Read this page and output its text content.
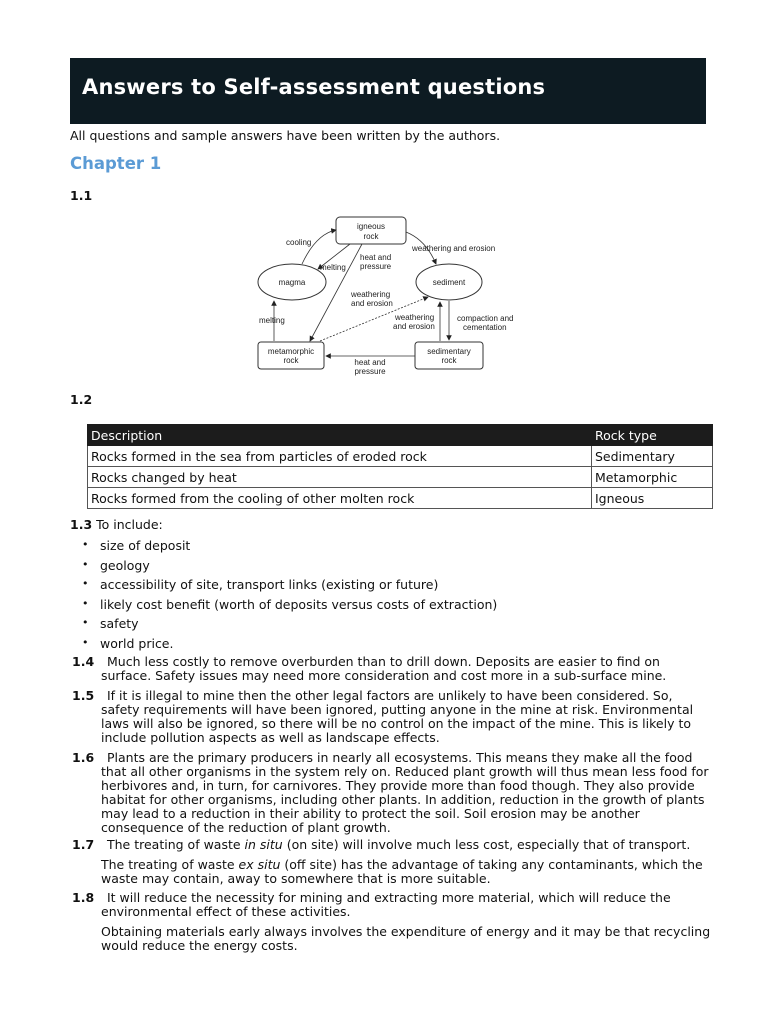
Answers to Self-assessment questions
All questions and sample answers have been written by the authors.
Chapter 1
1.1
igneous
rock
magma	sediment
metamorphic
rock
sedimentary
rock
cooling
weathering and erosion
melting
heat and
pressure
weathering
and erosion
melting	weathering
and erosion
compaction and
cementation
heat and
pressure
1.2
Description	Rock type
Rocks formed in the sea from particles of eroded rock	Sedimentary
Rocks changed by heat	Metamorphic
Rocks formed from the cooling of other molten rock	Igneous
1.3 To include:
• size of deposit
• geology
• accessibility of site, transport links (existing or future)
• likely cost benefit (worth of deposits versus costs of extraction)
• safety
• world price.
1.4	Much less costly to remove overburden than to drill down. Deposits are easier to find on surface. Safety issues may need more consideration and cost more in a sub-surface mine.
1.5	If it is illegal to mine then the other legal factors are unlikely to have been considered. So, safety requirements will have been ignored, putting anyone in the mine at risk. Environmental laws will also be ignored, so there will be no control on the impact of the mine. This is likely to include pollution aspects as well as landscape effects.
1.6	Plants are the primary producers in nearly all ecosystems. This means they make all the food that all other organisms in the system rely on. Reduced plant growth will thus mean less food for herbivores and, in turn, for carnivores. They provide more than food though. They also provide habitat for other organisms, including other plants. In addition, reduction in the growth of plants may lead to a reduction in their ability to protect the soil. Soil erosion may be another consequence of the reduction of plant growth.
1.7	The treating of waste in situ (on site) will involve much less cost, especially that of transport.
The treating of waste ex situ (off site) has the advantage of taking any contaminants, which the waste may contain, away to somewhere that is more suitable.
1.8	It will reduce the necessity for mining and extracting more material, which will reduce the environmental effect of these activities.
Obtaining materials early always involves the expenditure of energy and it may be that recycling would reduce the energy costs.
